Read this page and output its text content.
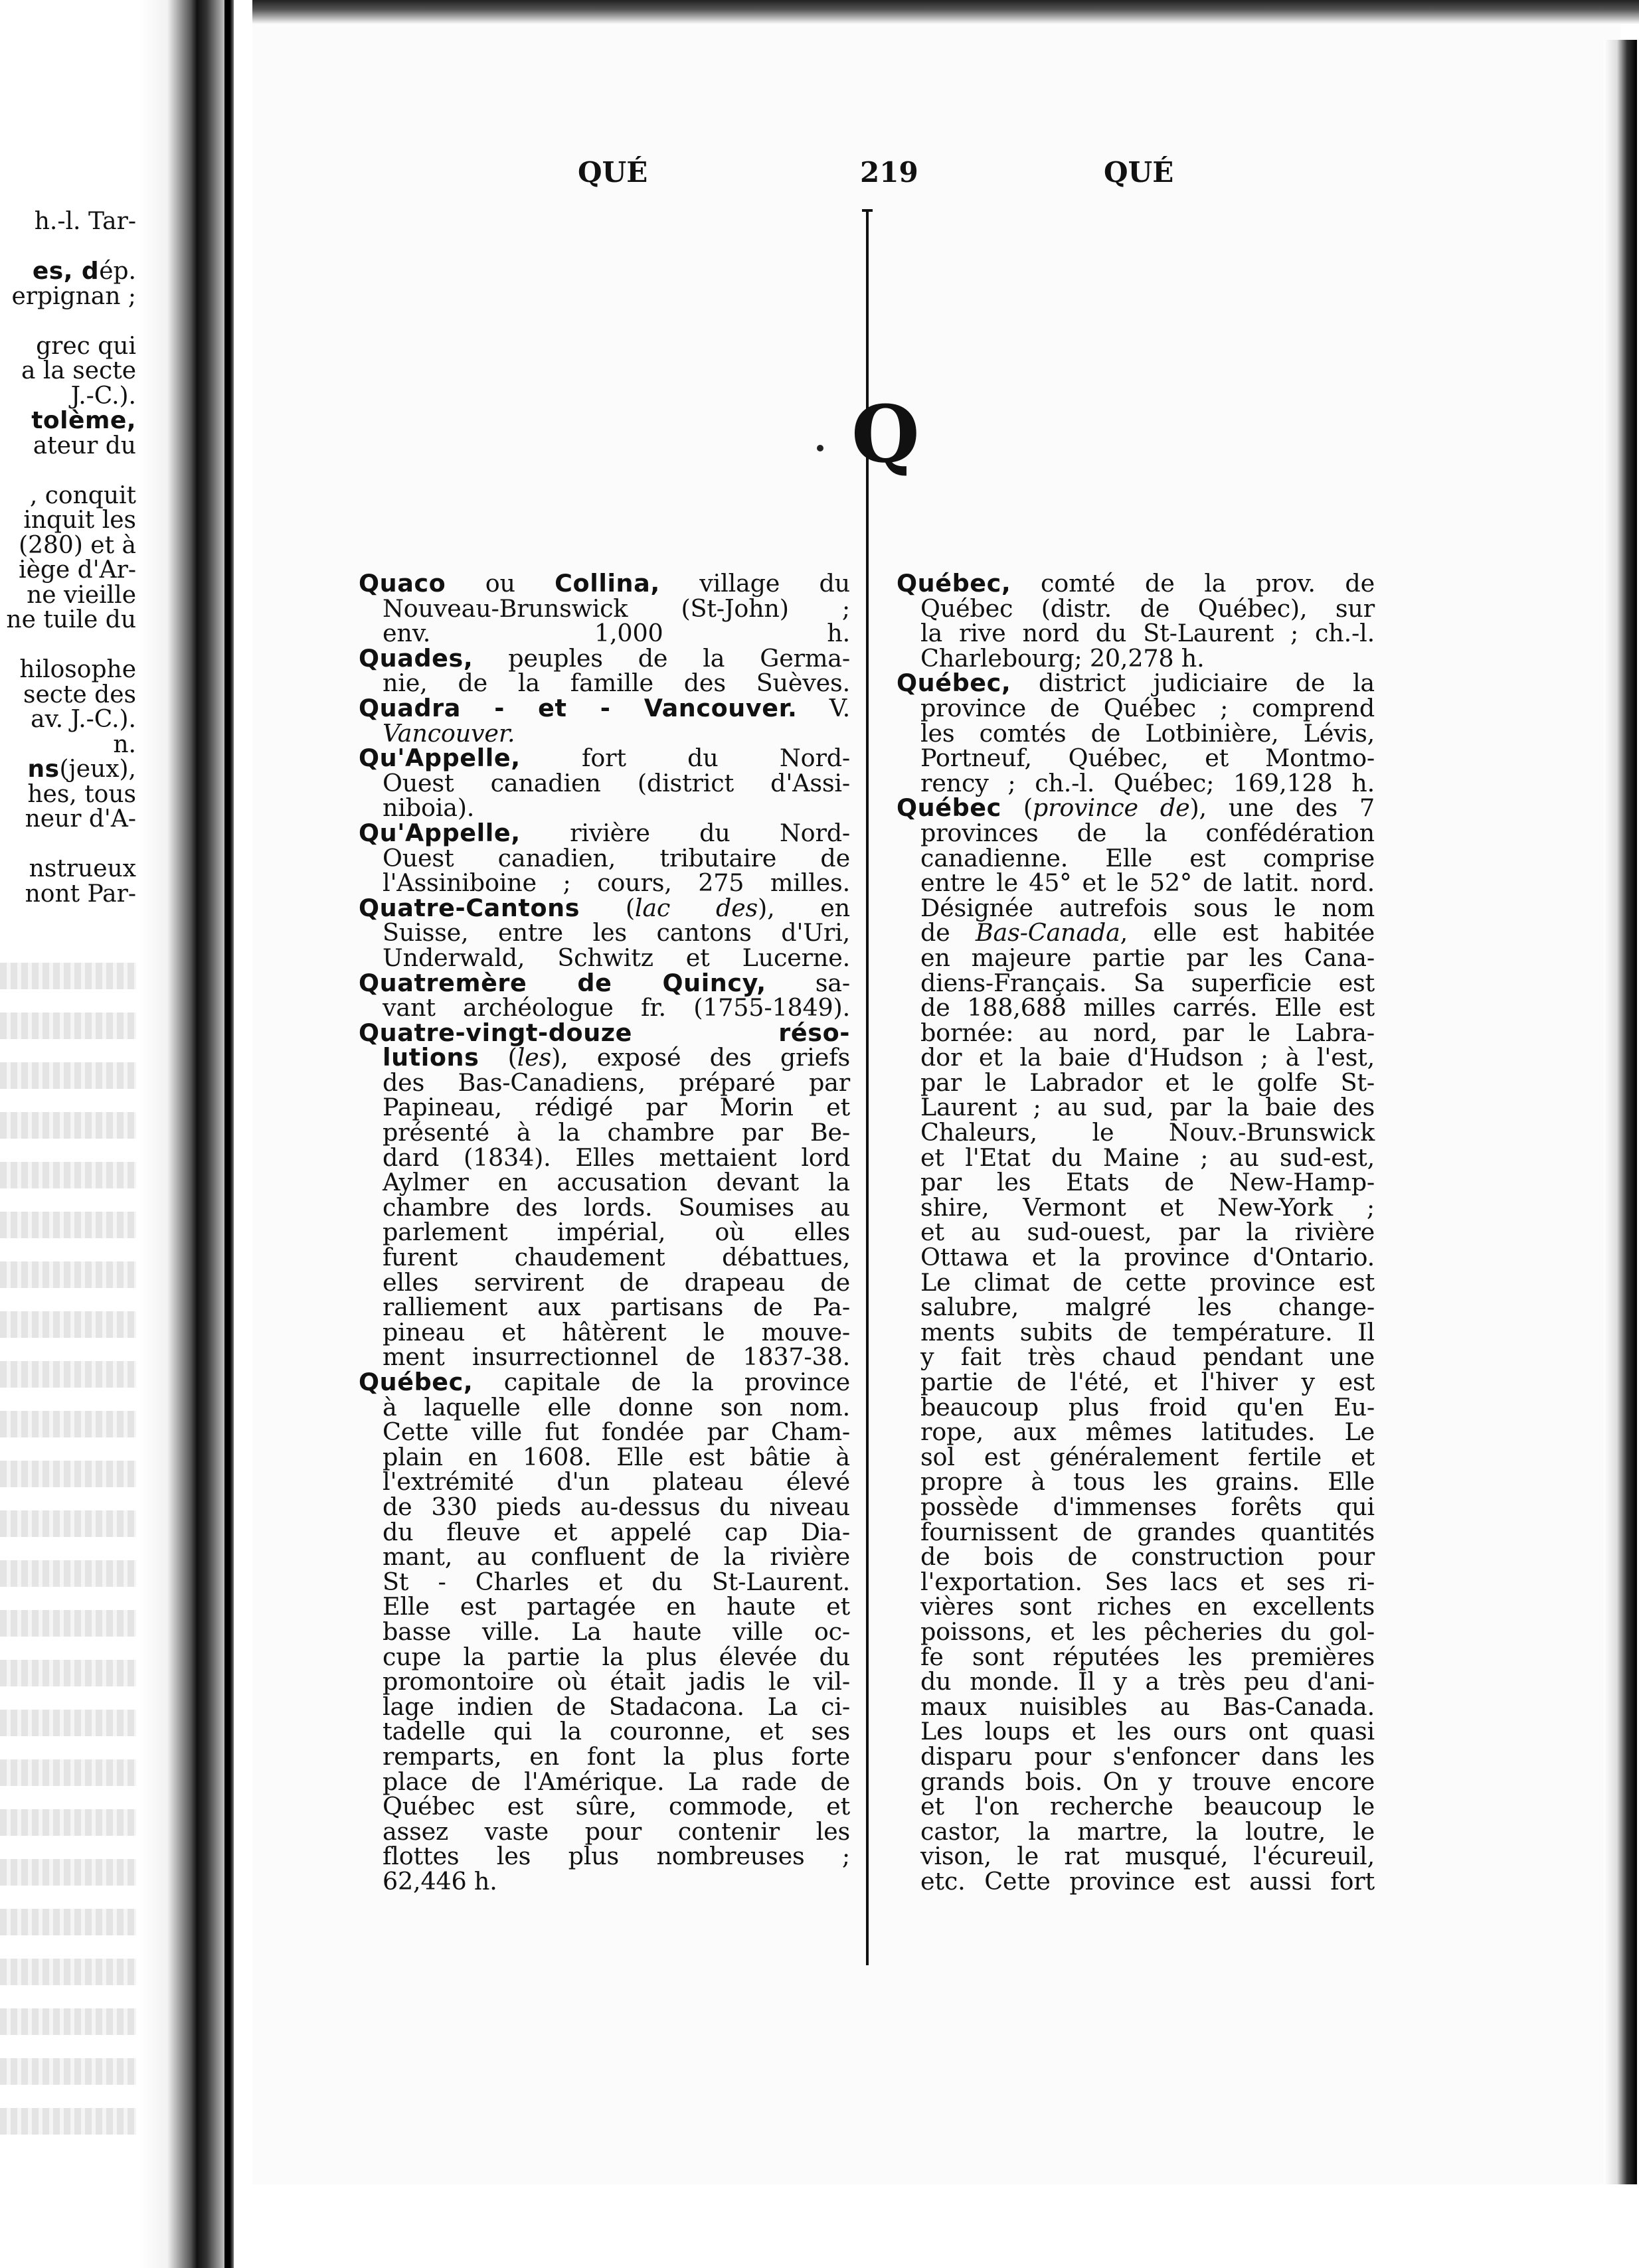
h.-l. Tar-
es, dép.
erpignan ;
grec qui
a la secte
J.-C.).
tolème,
ateur du
, conquit
inquit les
(280) et à
iège d'Ar-
ne vieille
ne tuile du
hilosophe
secte des
av. J.-C.).
n.
ns(jeux),
hes, tous
neur d'A-
nstrueux
nont Par-
QUÉ	219	QUÉ
Q
Quaco ou Collina, village du
Nouveau-Brunswick (St-John) ;
env. 1,000 h.
Quades, peuples de la Germa-
nie, de la famille des Suèves.
Quadra - et - Vancouver. V.
Vancouver.
Qu'Appelle, fort du Nord-
Ouest canadien (district d'Assi-
niboia).
Qu'Appelle, rivière du Nord-
Ouest canadien, tributaire de
l'Assiniboine ; cours, 275 milles.
Quatre-Cantons (lac des), en
Suisse, entre les cantons d'Uri,
Underwald, Schwitz et Lucerne.
Quatremère de Quincy, sa-
vant archéologue fr. (1755-1849).
Quatre-vingt-douze réso-
lutions (les), exposé des griefs
des Bas-Canadiens, préparé par
Papineau, rédigé par Morin et
présenté à la chambre par Be-
dard (1834). Elles mettaient lord
Aylmer en accusation devant la
chambre des lords. Soumises au
parlement impérial, où elles
furent chaudement débattues,
elles servirent de drapeau de
ralliement aux partisans de Pa-
pineau et hâtèrent le mouve-
ment insurrectionnel de 1837-38.
Québec, capitale de la province
à laquelle elle donne son nom.
Cette ville fut fondée par Cham-
plain en 1608. Elle est bâtie à
l'extrémité d'un plateau élevé
de 330 pieds au-dessus du niveau
du fleuve et appelé cap Dia-
mant, au confluent de la rivière
St - Charles et du St-Laurent.
Elle est partagée en haute et
basse ville. La haute ville oc-
cupe la partie la plus élevée du
promontoire où était jadis le vil-
lage indien de Stadacona. La ci-
tadelle qui la couronne, et ses
remparts, en font la plus forte
place de l'Amérique. La rade de
Québec est sûre, commode, et
assez vaste pour contenir les
flottes les plus nombreuses ;
62,446 h.
Québec, comté de la prov. de
Québec (distr. de Québec), sur
la rive nord du St-Laurent ; ch.-l.
Charlebourg; 20,278 h.
Québec, district judiciaire de la
province de Québec ; comprend
les comtés de Lotbinière, Lévis,
Portneuf, Québec, et Montmo-
rency ; ch.-l. Québec; 169,128 h.
Québec (province de), une des 7
provinces de la confédération
canadienne. Elle est comprise
entre le 45° et le 52° de latit. nord.
Désignée autrefois sous le nom
de Bas-Canada, elle est habitée
en majeure partie par les Cana-
diens-Français. Sa superficie est
de 188,688 milles carrés. Elle est
bornée: au nord, par le Labra-
dor et la baie d'Hudson ; à l'est,
par le Labrador et le golfe St-
Laurent ; au sud, par la baie des
Chaleurs, le Nouv.-Brunswick
et l'Etat du Maine ; au sud-est,
par les Etats de New-Hamp-
shire, Vermont et New-York ;
et au sud-ouest, par la rivière
Ottawa et la province d'Ontario.
Le climat de cette province est
salubre, malgré les change-
ments subits de température. Il
y fait très chaud pendant une
partie de l'été, et l'hiver y est
beaucoup plus froid qu'en Eu-
rope, aux mêmes latitudes. Le
sol est généralement fertile et
propre à tous les grains. Elle
possède d'immenses forêts qui
fournissent de grandes quantités
de bois de construction pour
l'exportation. Ses lacs et ses ri-
vières sont riches en excellents
poissons, et les pêcheries du gol-
fe sont réputées les premières
du monde. Il y a très peu d'ani-
maux nuisibles au Bas-Canada.
Les loups et les ours ont quasi
disparu pour s'enfoncer dans les
grands bois. On y trouve encore
et l'on recherche beaucoup le
castor, la martre, la loutre, le
vison, le rat musqué, l'écureuil,
etc. Cette province est aussi fort
